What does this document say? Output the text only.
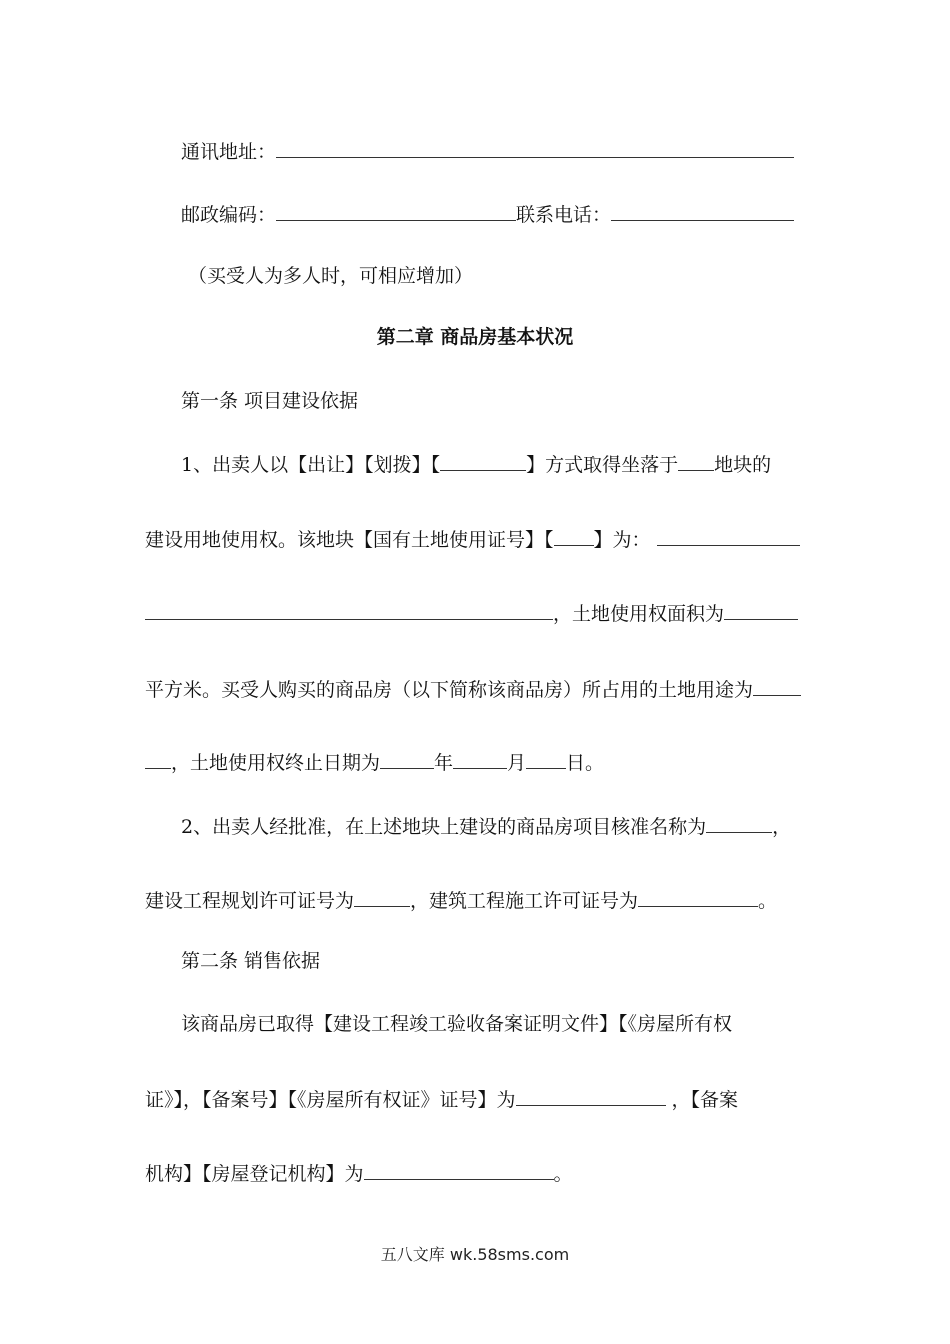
通讯地址：
邮政编码：	联系电话：
（买受人为多人时，可相应增加）
第二章 商品房基本状况
第一条 项目建设依据
1、出卖人以【出让】【划拨】【	】方式取得坐落于 地块的
建设用地使用权。该地块【国有土地使用证号】【 】为：
，土地使用权面积为
平方米。买受人购买的商品房（以下简称该商品房）所占用的土地用途为
，土地使用权终止日期为	年	月 日。
2、出卖人经批准，在上述地块上建设的商品房项目核准名称为	，
建设工程规划许可证号为	，建筑工程施工许可证号为	。
第二条 销售依据
该商品房已取得【建设工程竣工验收备案证明文件】【《房屋所有权
证》】，【备案号】【《房屋所有权证》证号】为	，【备案
机构】【房屋登记机构】为	。
五八文库 wk.58sms.com
